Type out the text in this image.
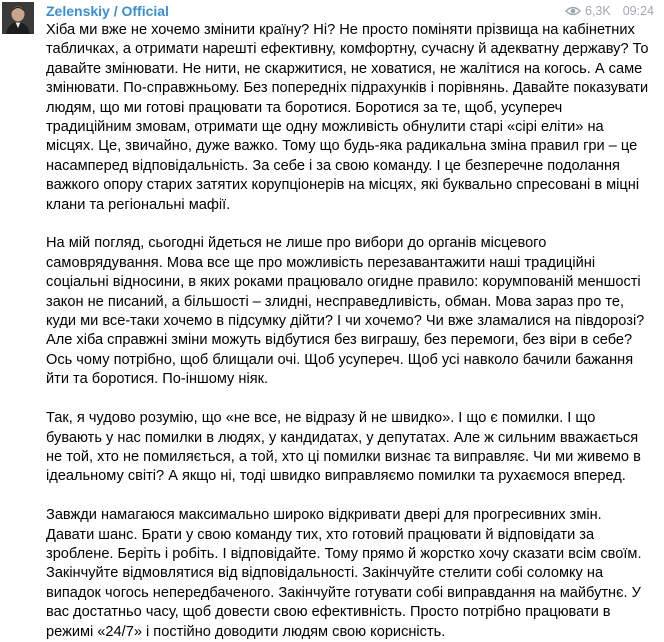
Zelenskiy / Official	6,3K 09:24

Хіба ми вже не хочемо змінити країну? Ні? Не просто поміняти прізвища на кабінетних табличках, а отримати нарешті ефективну, комфортну, сучасну й адекватну державу? То давайте змінювати. Не нити, не скаржитися, не ховатися, не жалітися на когось. А саме змінювати. По-справжньому. Без попередніх підрахунків і порівнянь. Давайте показувати людям, що ми готові працювати та боротися. Боротися за те, щоб, усупереч традиційним змовам, отримати ще одну можливість обнулити старі «сірі еліти» на місцях. Це, звичайно, дуже важко. Тому що будь-яка радикальна зміна правил гри – це насамперед відповідальність. За себе і за свою команду. І це безперечне подолання важкого опору старих затятих корупціонерів на місцях, які буквально спресовані в міцні клани та регіональні мафії.

На мій погляд, сьогодні йдеться не лише про вибори до органів місцевого самоврядування. Мова все ще про можливість перезавантажити наші традиційні соціальні відносини, в яких роками працювало огидне правило: корумпованій меншості закон не писаний, а більшості – злидні, несправедливість, обман. Мова зараз про те, куди ми все-таки хочемо в підсумку дійти? І чи хочемо? Чи вже зламалися на півдорозі? Але хіба справжні зміни можуть відбутися без виграшу, без перемоги, без віри в себе? Ось чому потрібно, щоб блищали очі. Щоб усупереч. Щоб усі навколо бачили бажання йти та боротися. По-іншому ніяк.

Так, я чудово розумію, що «не все, не відразу й не швидко». І що є помилки. І що бувають у нас помилки в людях, у кандидатах, у депутатах. Але ж сильним вважається не той, хто не помиляється, а той, хто ці помилки визнає та виправляє. Чи ми живемо в ідеальному світі? А якщо ні, тоді швидко виправляємо помилки та рухаємося вперед.

Завжди намагаюся максимально широко відкривати двері для прогресивних змін. Давати шанс. Брати у свою команду тих, хто готовий працювати й відповідати за зроблене. Беріть і робіть. І відповідайте. Тому прямо й жорстко хочу сказати всім своїм. Закінчуйте відмовлятися від відповідальності. Закінчуйте стелити собі соломку на випадок чогось непередбаченого. Закінчуйте готувати собі виправдання на майбутнє. У вас достатньо часу, щоб довести свою ефективність. Просто потрібно працювати в режимі «24/7» і постійно доводити людям свою корисність.
